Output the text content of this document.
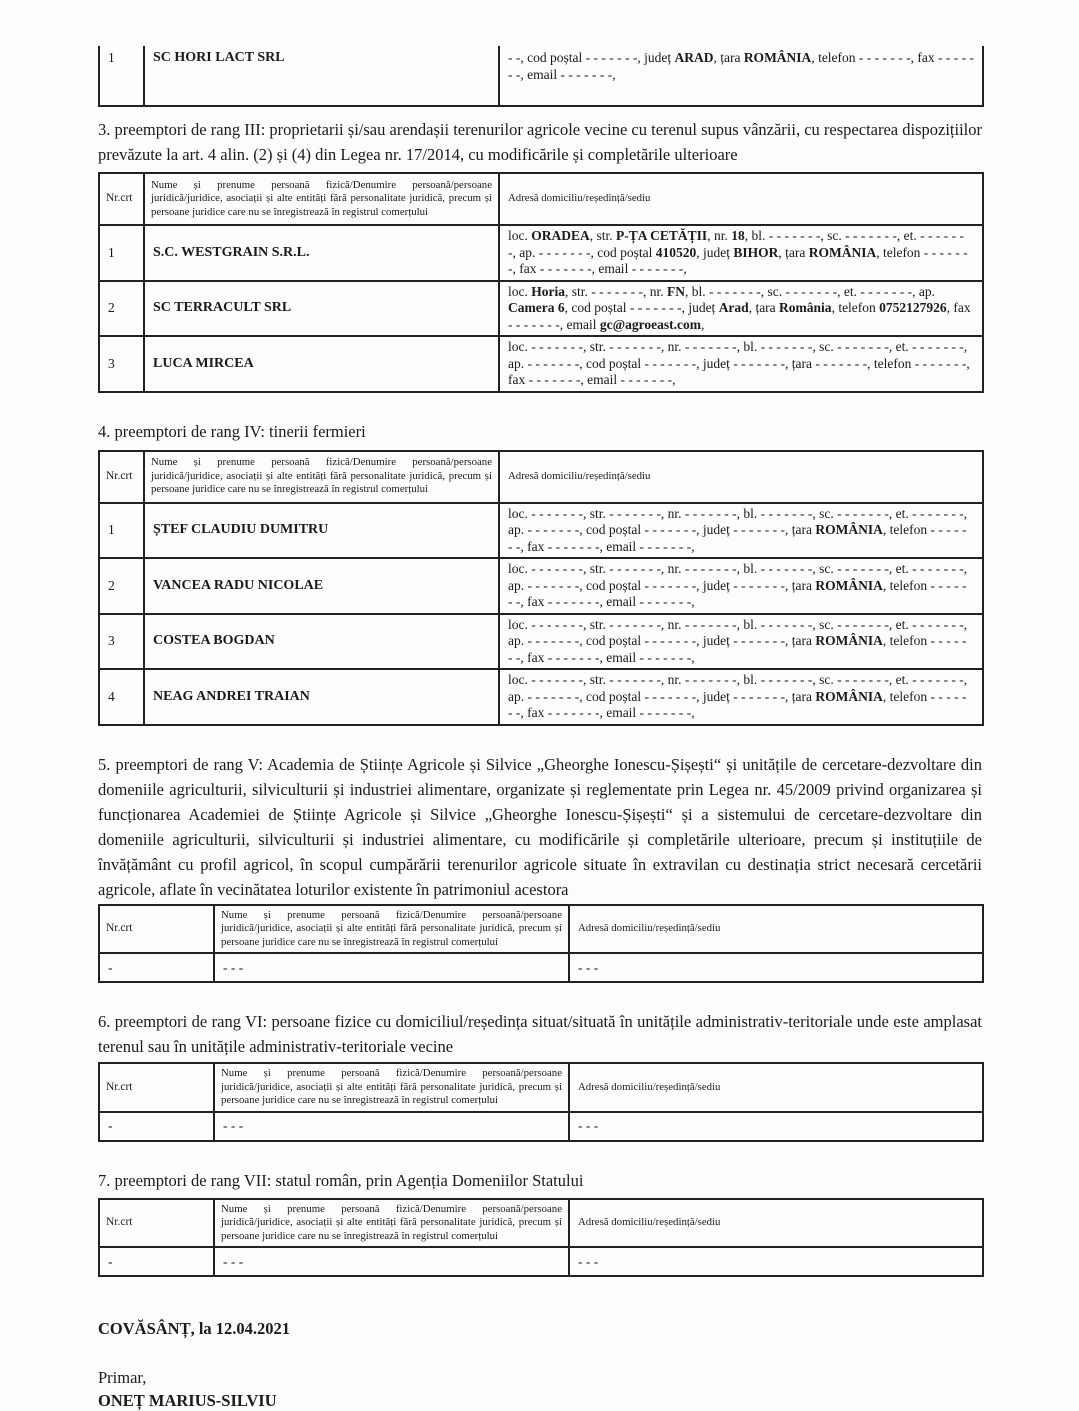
1	SC HORI LACT SRL	- -, cod poștal - - - - - - -, județ ARAD, țara ROMÂNIA, telefon - - - - - - -, fax - - - - - - -, email - - - - - - -,

3. preemptori de rang III: proprietarii și/sau arendașii terenurilor agricole vecine cu terenul supus vânzării, cu respectarea dispozițiilor prevăzute la art. 4 alin. (2) și (4) din Legea nr. 17/2014, cu modificările și completările ulterioare

Nr.crt	Nume și prenume persoană fizică/Denumire persoană/persoane juridică/juridice, asociații și alte entități fără personalitate juridică, precum și persoane juridice care nu se înregistrează în registrul comerțului	Adresă domiciliu/reședință/sediu
1	S.C. WESTGRAIN S.R.L.	loc. ORADEA, str. P-ȚA CETĂȚII, nr. 18, bl. - - - - - - -, sc. - - - - - - -, et. - - - - - - -, ap. - - - - - - -, cod poștal 410520, județ BIHOR, țara ROMÂNIA, telefon - - - - - - -, fax - - - - - - -, email - - - - - - -,
2	SC TERRACULT SRL	loc. Horia, str. - - - - - - -, nr. FN, bl. - - - - - - -, sc. - - - - - - -, et. - - - - - - -, ap. Camera 6, cod poștal - - - - - - -, județ Arad, țara România, telefon 0752127926, fax - - - - - - -, email gc@agroeast.com,
3	LUCA MIRCEA	loc. - - - - - - -, str. - - - - - - -, nr. - - - - - - -, bl. - - - - - - -, sc. - - - - - - -, et. - - - - - - -, ap. - - - - - - -, cod poștal - - - - - - -, județ - - - - - - -, țara - - - - - - -, telefon - - - - - - -, fax - - - - - - -, email - - - - - - -,

4. preemptori de rang IV: tinerii fermieri

Nr.crt	Nume și prenume persoană fizică/Denumire persoană/persoane juridică/juridice, asociații și alte entități fără personalitate juridică, precum și persoane juridice care nu se înregistrează în registrul comerțului	Adresă domiciliu/reședință/sediu
1	ȘTEF CLAUDIU DUMITRU	loc. - - - - - - -, str. - - - - - - -, nr. - - - - - - -, bl. - - - - - - -, sc. - - - - - - -, et. - - - - - - -, ap. - - - - - - -, cod poștal - - - - - - -, județ - - - - - - -, țara ROMÂNIA, telefon - - - - - - -, fax - - - - - - -, email - - - - - - -,
2	VANCEA RADU NICOLAE	loc. - - - - - - -, str. - - - - - - -, nr. - - - - - - -, bl. - - - - - - -, sc. - - - - - - -, et. - - - - - - -, ap. - - - - - - -, cod poștal - - - - - - -, județ - - - - - - -, țara ROMÂNIA, telefon - - - - - - -, fax - - - - - - -, email - - - - - - -,
3	COSTEA BOGDAN	loc. - - - - - - -, str. - - - - - - -, nr. - - - - - - -, bl. - - - - - - -, sc. - - - - - - -, et. - - - - - - -, ap. - - - - - - -, cod poștal - - - - - - -, județ - - - - - - -, țara ROMÂNIA, telefon - - - - - - -, fax - - - - - - -, email - - - - - - -,
4	NEAG ANDREI TRAIAN	loc. - - - - - - -, str. - - - - - - -, nr. - - - - - - -, bl. - - - - - - -, sc. - - - - - - -, et. - - - - - - -, ap. - - - - - - -, cod poștal - - - - - - -, județ - - - - - - -, țara ROMÂNIA, telefon - - - - - - -, fax - - - - - - -, email - - - - - - -,

5. preemptori de rang V: Academia de Științe Agricole și Silvice „Gheorghe Ionescu-Șișești“ și unitățile de cercetare-dezvoltare din domeniile agriculturii, silviculturii și industriei alimentare, organizate și reglementate prin Legea nr. 45/2009 privind organizarea și funcționarea Academiei de Științe Agricole și Silvice „Gheorghe Ionescu-Șișești“ și a sistemului de cercetare-dezvoltare din domeniile agriculturii, silviculturii și industriei alimentare, cu modificările și completările ulterioare, precum și instituțiile de învățământ cu profil agricol, în scopul cumpărării terenurilor agricole situate în extravilan cu destinația strict necesară cercetării agricole, aflate în vecinătatea loturilor existente în patrimoniul acestora

Nr.crt	Nume și prenume persoană fizică/Denumire persoană/persoane juridică/juridice, asociații și alte entități fără personalitate juridică, precum și persoane juridice care nu se înregistrează în registrul comerțului	Adresă domiciliu/reședință/sediu
-	- - -	- - -

6. preemptori de rang VI: persoane fizice cu domiciliul/reședința situat/situată în unitățile administrativ-teritoriale unde este amplasat terenul sau în unitățile administrativ-teritoriale vecine

Nr.crt	Nume și prenume persoană fizică/Denumire persoană/persoane juridică/juridice, asociații și alte entități fără personalitate juridică, precum și persoane juridice care nu se înregistrează în registrul comerțului	Adresă domiciliu/reședință/sediu
-	- - -	- - -

7. preemptori de rang VII: statul român, prin Agenția Domeniilor Statului

Nr.crt	Nume și prenume persoană fizică/Denumire persoană/persoane juridică/juridice, asociații și alte entități fără personalitate juridică, precum și persoane juridice care nu se înregistrează în registrul comerțului	Adresă domiciliu/reședință/sediu
-	- - -	- - -

COVĂSÂNȚ, la 12.04.2021

Primar,

ONEȚ MARIUS-SILVIU
